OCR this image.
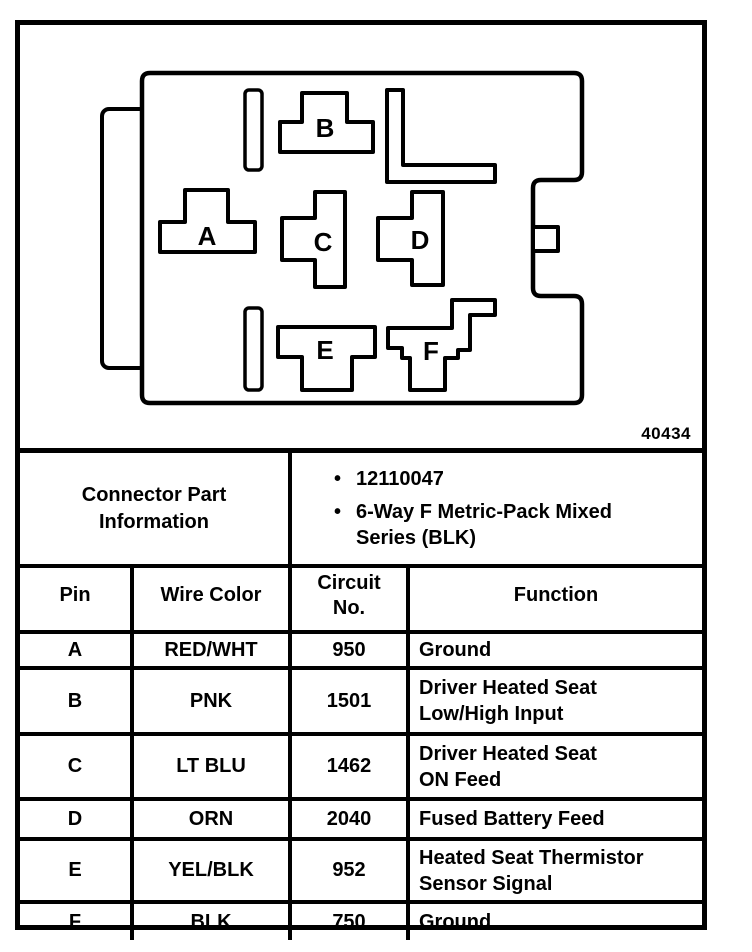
A
B
C	D
E	F
40434
Connector Part
Information

• 12110047
• 6-Way F Metric-Pack Mixed Series (BLK)

Pin	Wire Color	Circuit No.	Function

A	RED/WHT	950	Ground

B	PNK	1501	Driver Heated Seat
Low/High Input

C	LT BLU	1462	Driver Heated Seat
ON Feed

D	ORN	2040	Fused Battery Feed

E	YEL/BLK	952	Heated Seat Thermistor
Sensor Signal

F	BLK	750	Ground
